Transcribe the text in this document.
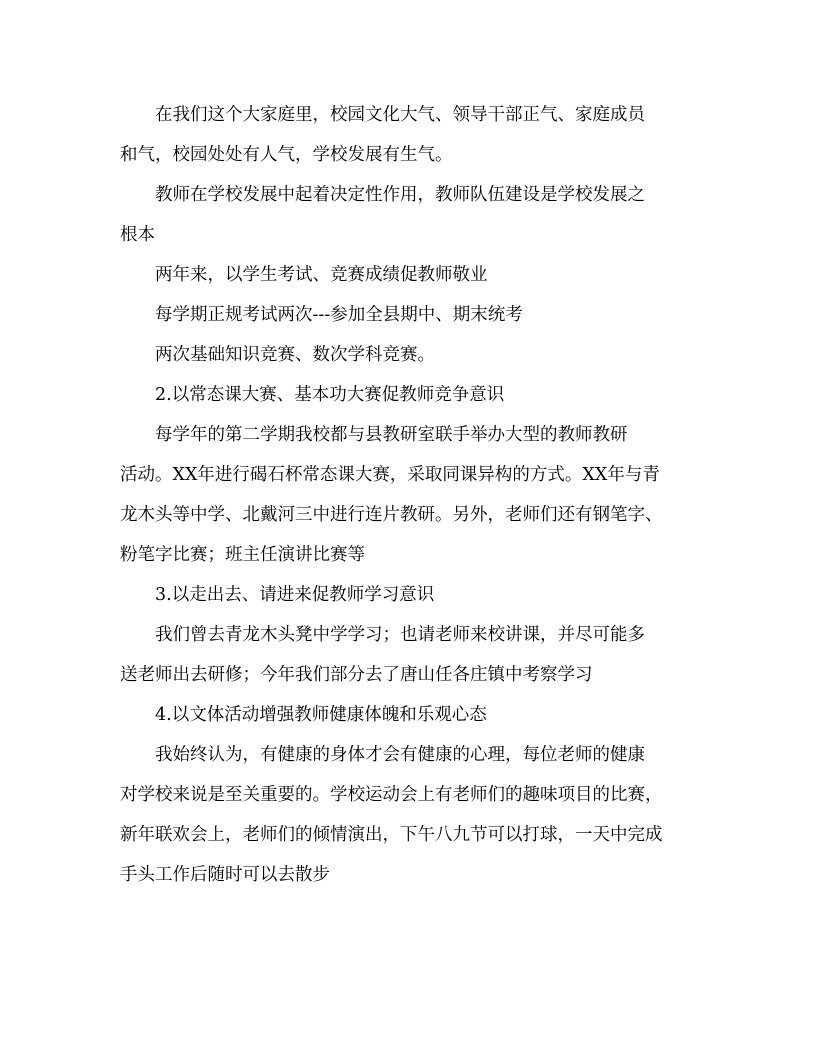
在我们这个大家庭里，校园文化大气、领导干部正气、家庭成员
和气，校园处处有人气，学校发展有生气。
教师在学校发展中起着决定性作用，教师队伍建设是学校发展之
根本
两年来，以学生考试、竞赛成绩促教师敬业
每学期正规考试两次---参加全县期中、期末统考
两次基础知识竞赛、数次学科竞赛。
2.以常态课大赛、基本功大赛促教师竞争意识
每学年的第二学期我校都与县教研室联手举办大型的教师教研
活动。XX年进行碣石杯常态课大赛，采取同课异构的方式。XX年与青
龙木头等中学、北戴河三中进行连片教研。另外，老师们还有钢笔字、
粉笔字比赛；班主任演讲比赛等
3.以走出去、请进来促教师学习意识
我们曾去青龙木头凳中学学习；也请老师来校讲课，并尽可能多
送老师出去研修；今年我们部分去了唐山任各庄镇中考察学习
4.以文体活动增强教师健康体魄和乐观心态
我始终认为，有健康的身体才会有健康的心理，每位老师的健康
对学校来说是至关重要的。学校运动会上有老师们的趣味项目的比赛，
新年联欢会上，老师们的倾情演出，下午八九节可以打球，一天中完成
手头工作后随时可以去散步
